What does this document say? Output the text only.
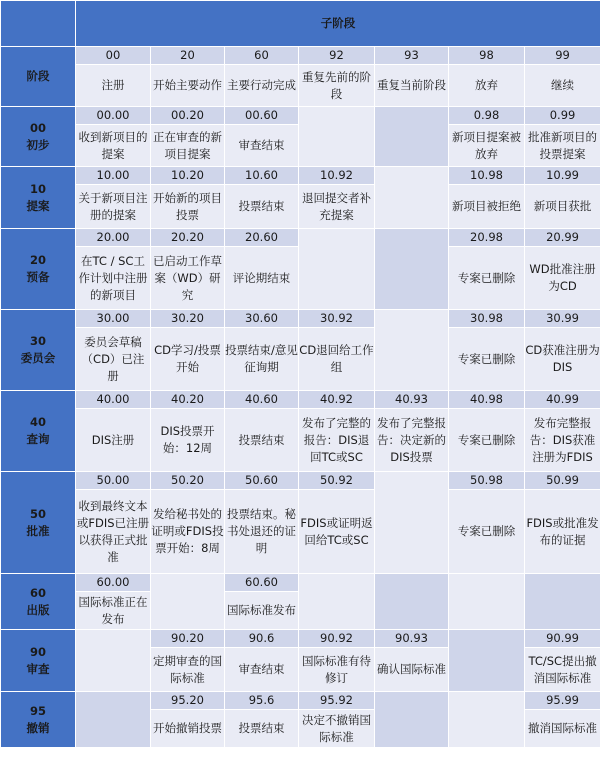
	子阶段						
阶段	00	20	60	92	93	98	99
	注册	开始主要动作	主要行动完成	重复先前的阶段	重复当前阶段	放弃	继续

00
初步	00.00	00.20	00.60			0.98	0.99
	收到新项目的提案	正在审查的新项目提案	审查结束			新项目提案被放弃	批准新项目的投票提案

10
提案	10.00	10.20	10.60	10.92		10.98	10.99
	关于新项目注册的提案	开始新的项目投票	投票结束	退回提交者补充提案		新项目被拒绝	新项目获批

20
预备	20.00	20.20	20.60			20.98	20.99
	在TC / SC工作计划中注册的新项目	已启动工作草案（WD）研究	评论期结束			专案已删除	WD批准注册为CD

30
委员会	30.00	30.20	30.60	30.92		30.98	30.99
	委员会草稿（CD）已注册	CD学习/投票开始	投票结束/意见征询期	CD退回给工作组		专案已删除	CD获准注册为DIS

40
查询	40.00	40.20	40.60	40.92	40.93	40.98	40.99
	DIS注册	DIS投票开始：12周	投票结束	发布了完整的报告：DIS退回TC或SC	发布了完整报告：决定新的DIS投票	专案已删除	发布完整报告：DIS获准注册为FDIS

50
批准	50.00	50.20	50.60	50.92		50.98	50.99
	收到最终文本或FDIS已注册以获得正式批准	发给秘书处的证明或FDIS投票开始：8周	投票结束。秘书处退还的证明	FDIS或证明返回给TC或SC		专案已删除	FDIS或批准发布的证据

60
出版	60.00		60.60				
	国际标准正在发布		国际标准发布				

90
审查		90.20	90.6	90.92	90.93		90.99
		定期审查的国际标准	审查结束	国际标准有待修订	确认国际标准		TC/SC提出撤消国际标准

95
撤销		95.20	95.6	95.92			95.99
		开始撤销投票	投票结束	决定不撤销国际标准			撤消国际标准
